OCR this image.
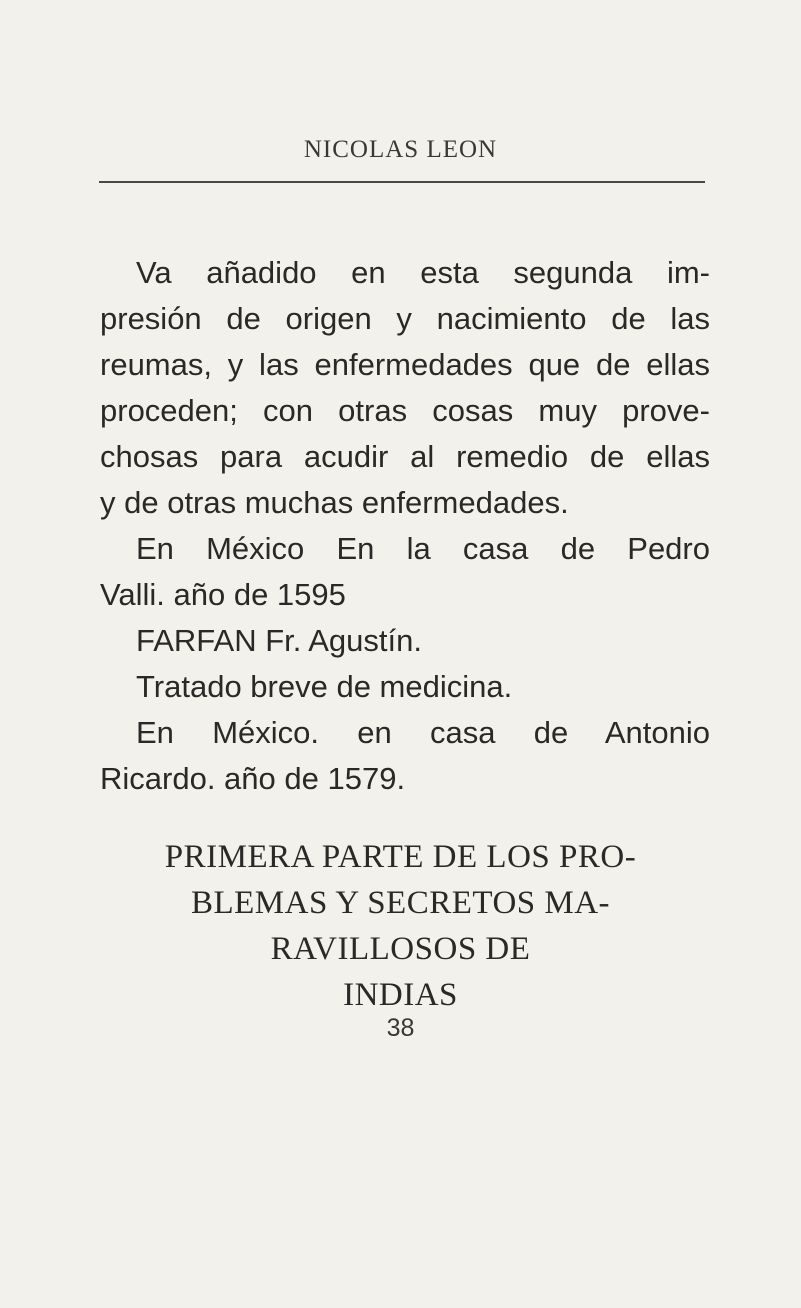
NICOLAS LEON
Va añadido en esta segunda im-
presión de origen y nacimiento de las
reumas, y las enfermedades que de ellas
proceden; con otras cosas muy prove-
chosas para acudir al remedio de ellas
y de otras muchas enfermedades.
En México En la casa de Pedro
Valli. año de 1595
FARFAN Fr. Agustín.
Tratado breve de medicina.
En México. en casa de Antonio
Ricardo. año de 1579.
PRIMERA PARTE DE LOS PRO-
BLEMAS Y SECRETOS MA-
RAVILLOSOS DE
INDIAS
38
